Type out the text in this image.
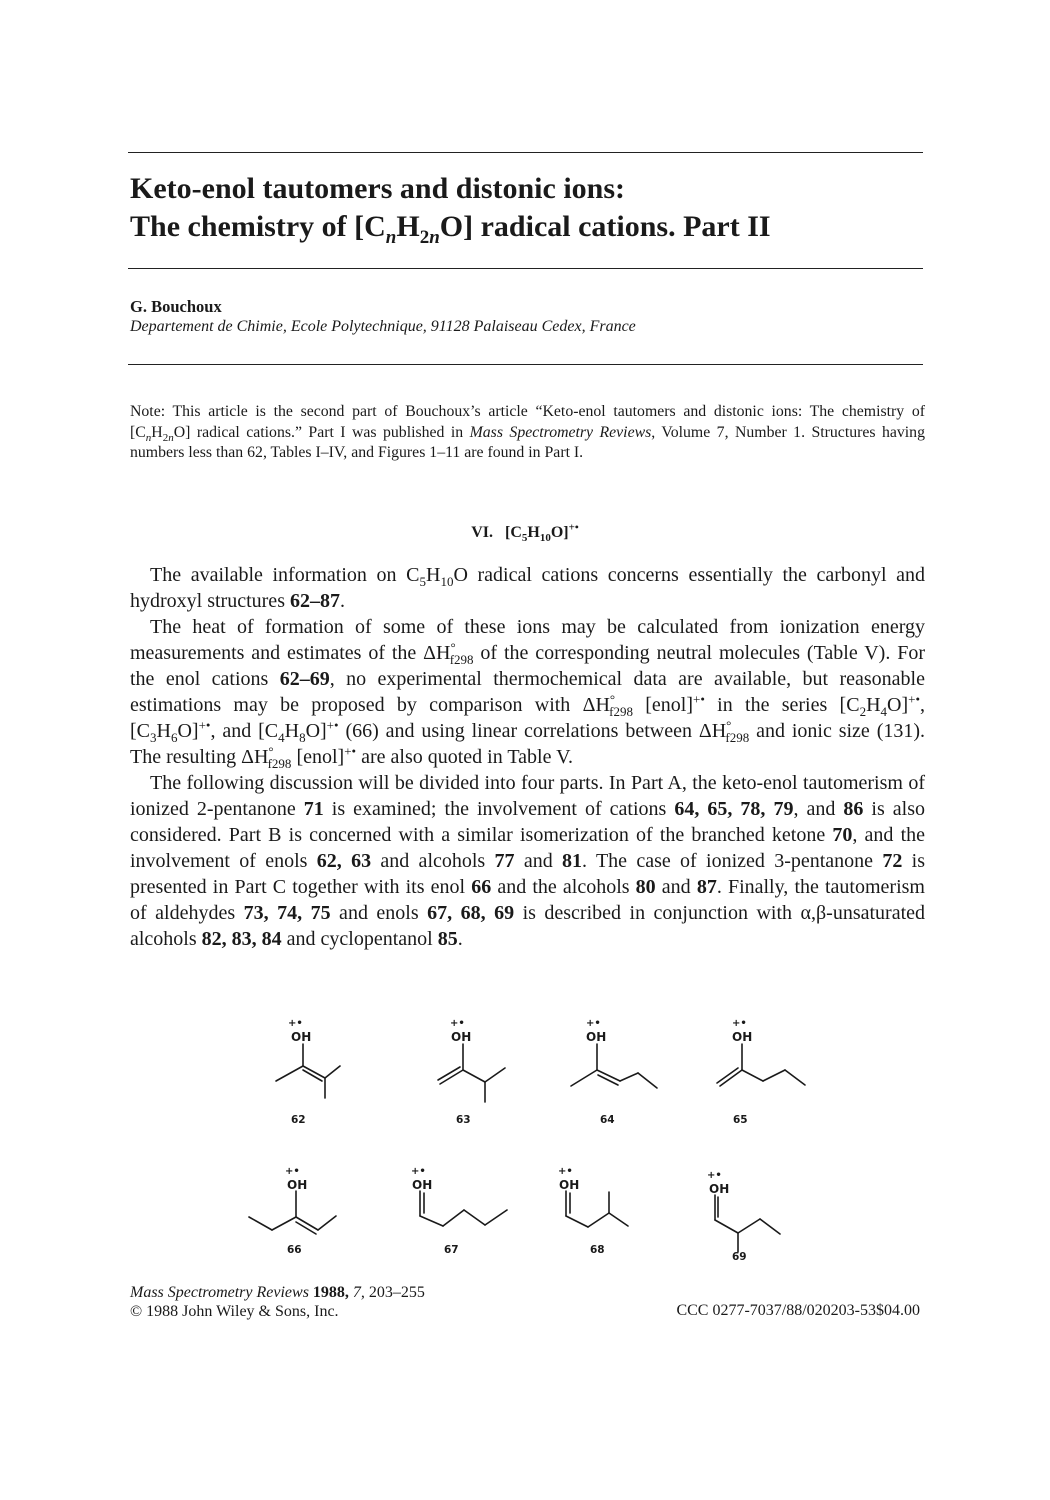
Keto-enol tautomers and distonic ions:
The chemistry of $[C_nH_{2n}O]$ radical cations. Part II
G. Bouchoux
Departement de Chimie, Ecole Polytechnique, 91128 Palaiseau Cedex, France
Note: This article is the second part of Bouchoux’s article “Keto-enol tautomers and distonic ions: The chemistry of $[C_nH_{2n}O]$ radical cations.” Part I was published in Mass Spectrometry Reviews, Volume 7, Number 1. Structures having numbers less than 62, Tables I–IV, and Figures 1–11 are found in Part I.
VI. $[C_5H_{10}O]^{+•}$

The available information on $C_5H_{10}O$ radical cations concerns essentially the carbonyl and hydroxyl structures 62–87.

The heat of formation of some of these ions may be calculated from ionization energy measurements and estimates of the $\Delta H^\circ_{f298}$ of the corresponding neutral molecules (Table V). For the enol cations 62–69, no experimental thermochemical data are available, but reasonable estimations may be proposed by comparison with $\Delta H^\circ_{f298}$ [enol]+• in the series $[C_2H_4O]^{+•}$, $[C_3H_6O]^{+•}$, and $[C_4H_8O]^{+•}$ (66) and using linear correlations between $\Delta H^\circ_{f298}$ and ionic size (131). The resulting $\Delta H^\circ_{f298}$ [enol]+• are also quoted in Table V.

The following discussion will be divided into four parts. In Part A, the keto-enol tautomerism of ionized 2-pentanone 71 is examined; the involvement of cations 64, 65, 78, 79, and 86 is also considered. Part B is concerned with a similar isomerization of the branched ketone 70, and the involvement of enols 62, 63 and alcohols 77 and 81. The case of ionized 3-pentanone 72 is presented in Part C together with its enol 66 and the alcohols 80 and 87. Finally, the tautomerism of aldehydes 73, 74, 75 and enols 67, 68, 69 is described in conjunction with α,β-unsaturated alcohols 82, 83, 84 and cyclopentanol 85.

OH	OH	OH	OH
OH	OH	OH	OH
+•	+•	+•	+•
+•	+•	+•	+•
62	63	64	65
66	67	68
69
Mass Spectrometry Reviews 1988, 7, 203–255
© 1988 John Wiley & Sons, Inc.	CCC 0277-7037/88/020203-53$04.00
